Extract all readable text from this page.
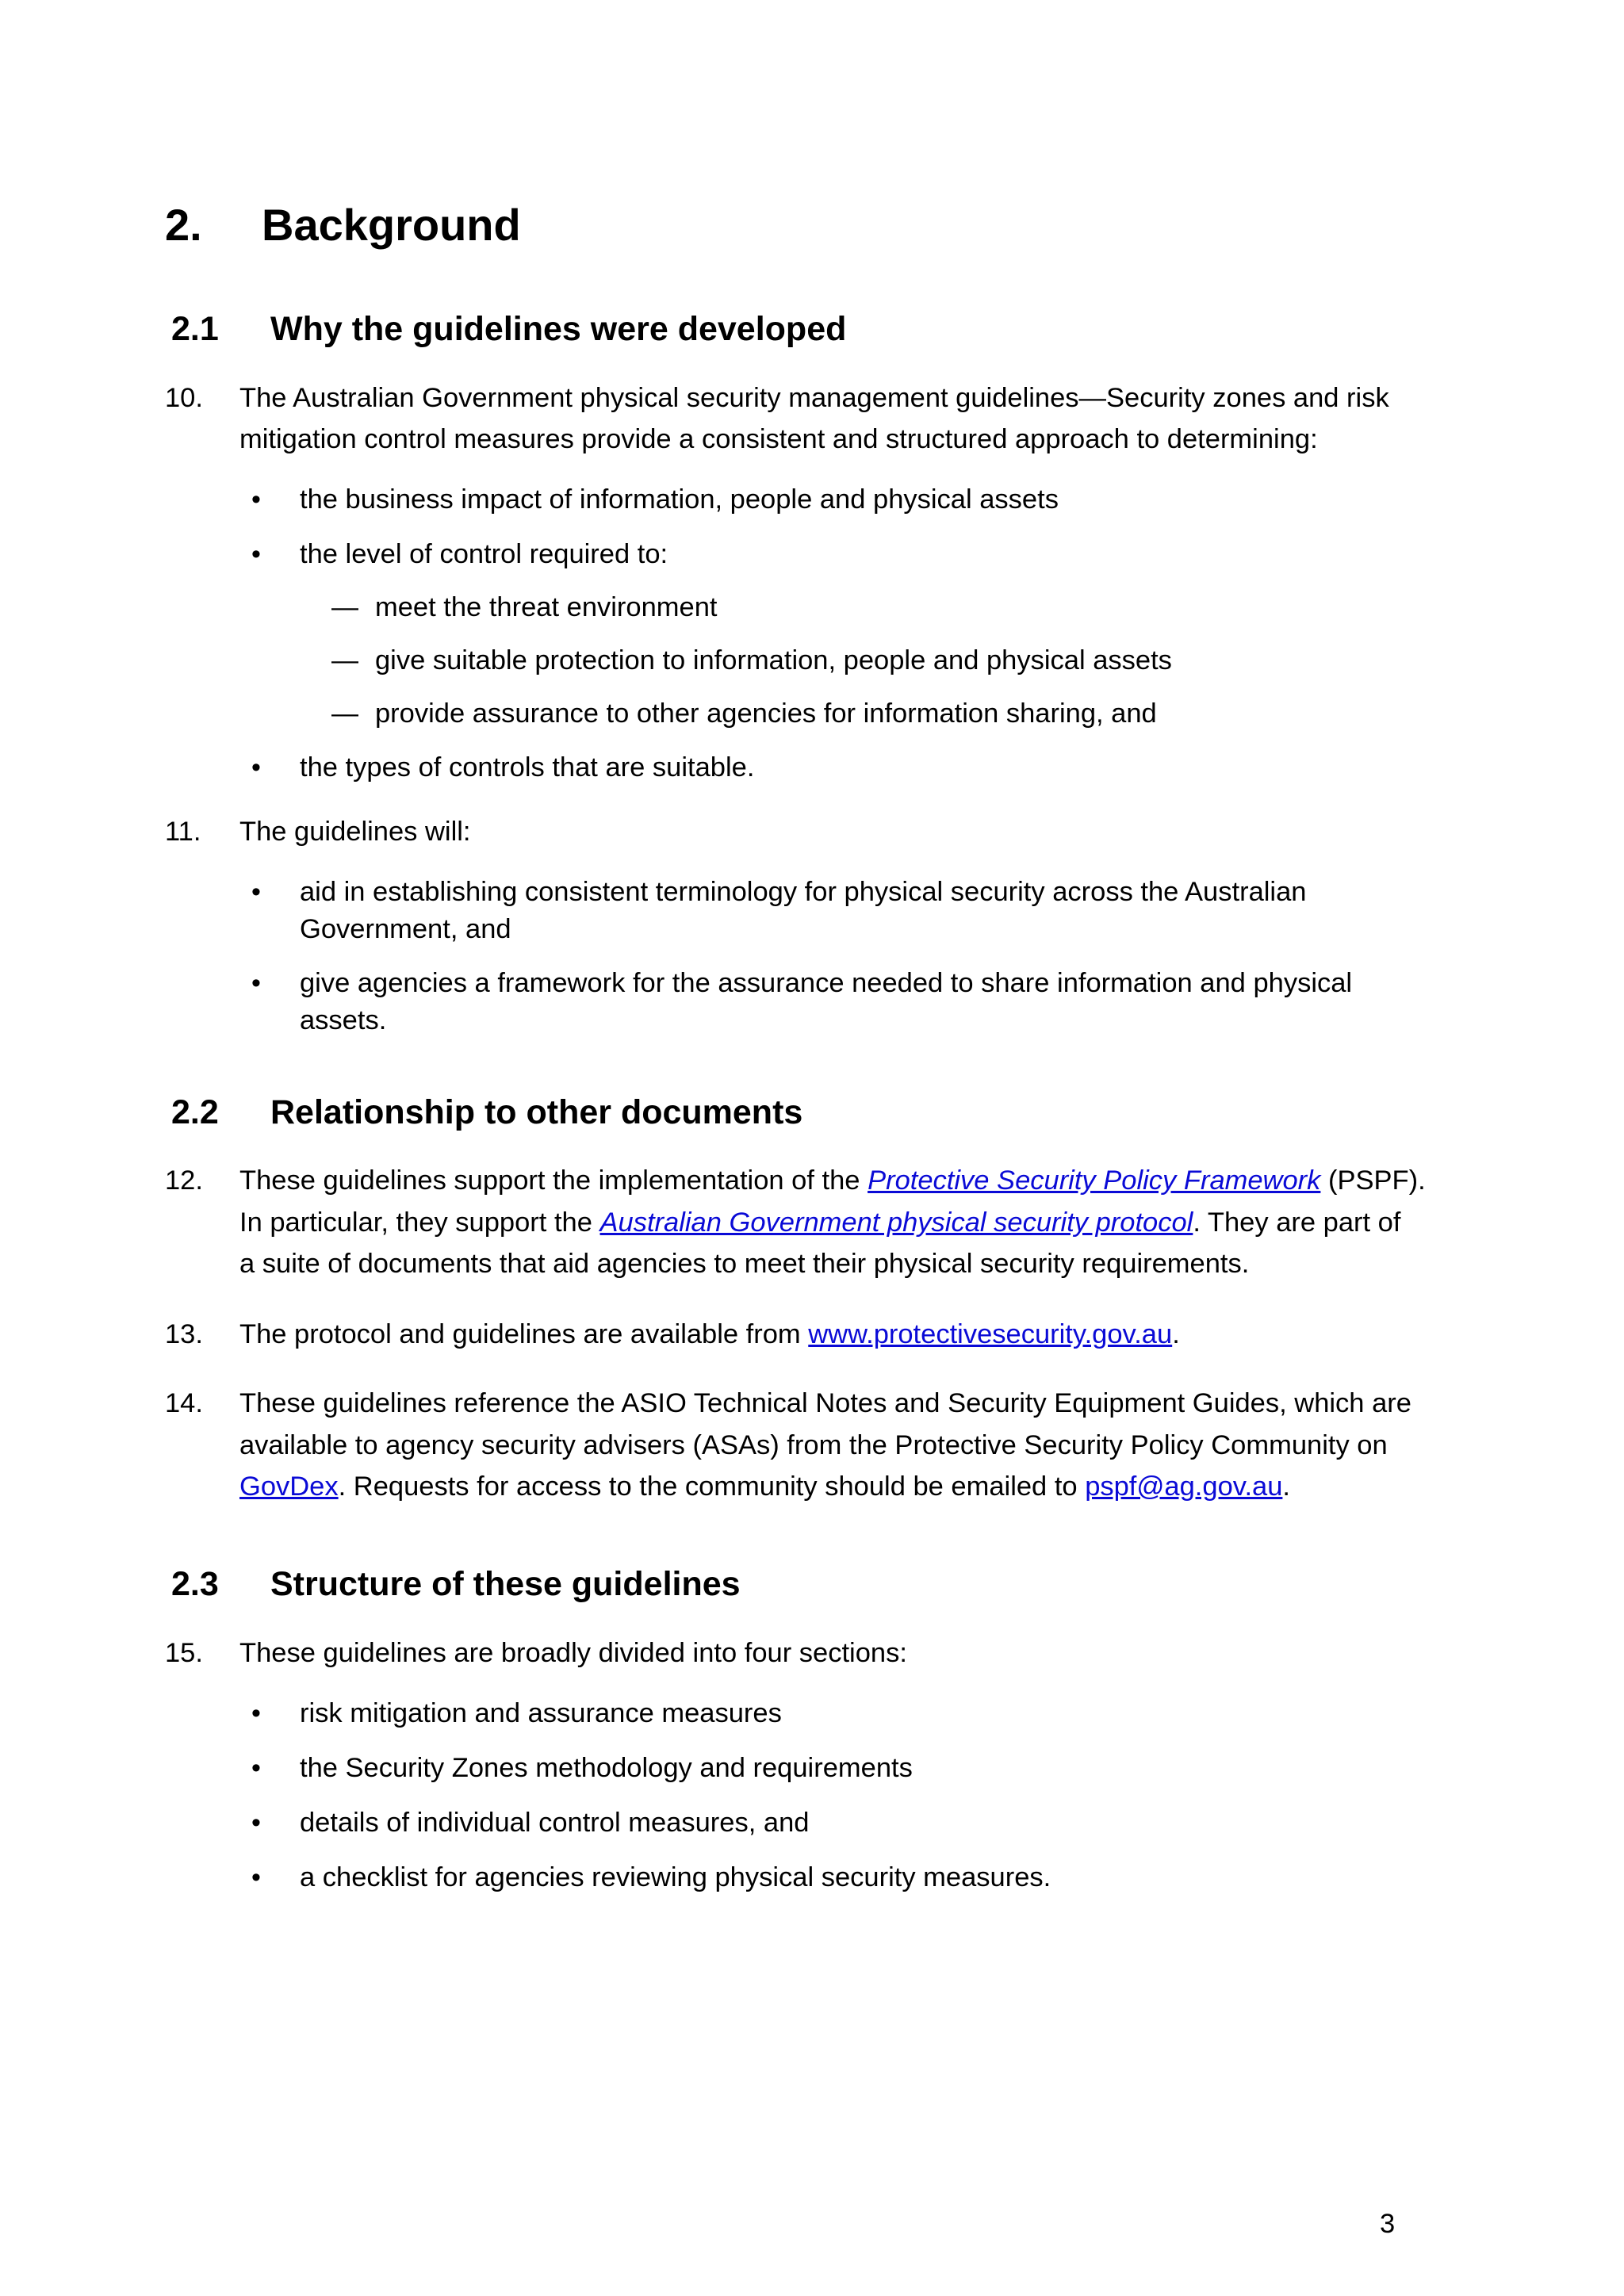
2. Background
2.1 Why the guidelines were developed
10. The Australian Government physical security management guidelines—Security zones and risk
mitigation control measures provide a consistent and structured approach to determining:
• the business impact of information, people and physical assets
• the level of control required to:
— meet the threat environment
— give suitable protection to information, people and physical assets
— provide assurance to other agencies for information sharing, and
• the types of controls that are suitable.
11. The guidelines will:
• aid in establishing consistent terminology for physical security across the Australian
Government, and
• give agencies a framework for the assurance needed to share information and physical
assets.
2.2 Relationship to other documents
12. These guidelines support the implementation of the Protective Security Policy Framework (PSPF).
In particular, they support the Australian Government physical security protocol. They are part of
a suite of documents that aid agencies to meet their physical security requirements.
13. The protocol and guidelines are available from www.protectivesecurity.gov.au.
14. These guidelines reference the ASIO Technical Notes and Security Equipment Guides, which are
available to agency security advisers (ASAs) from the Protective Security Policy Community on
GovDex. Requests for access to the community should be emailed to pspf@ag.gov.au.
2.3 Structure of these guidelines
15. These guidelines are broadly divided into four sections:
• risk mitigation and assurance measures
• the Security Zones methodology and requirements
• details of individual control measures, and
• a checklist for agencies reviewing physical security measures.
3
